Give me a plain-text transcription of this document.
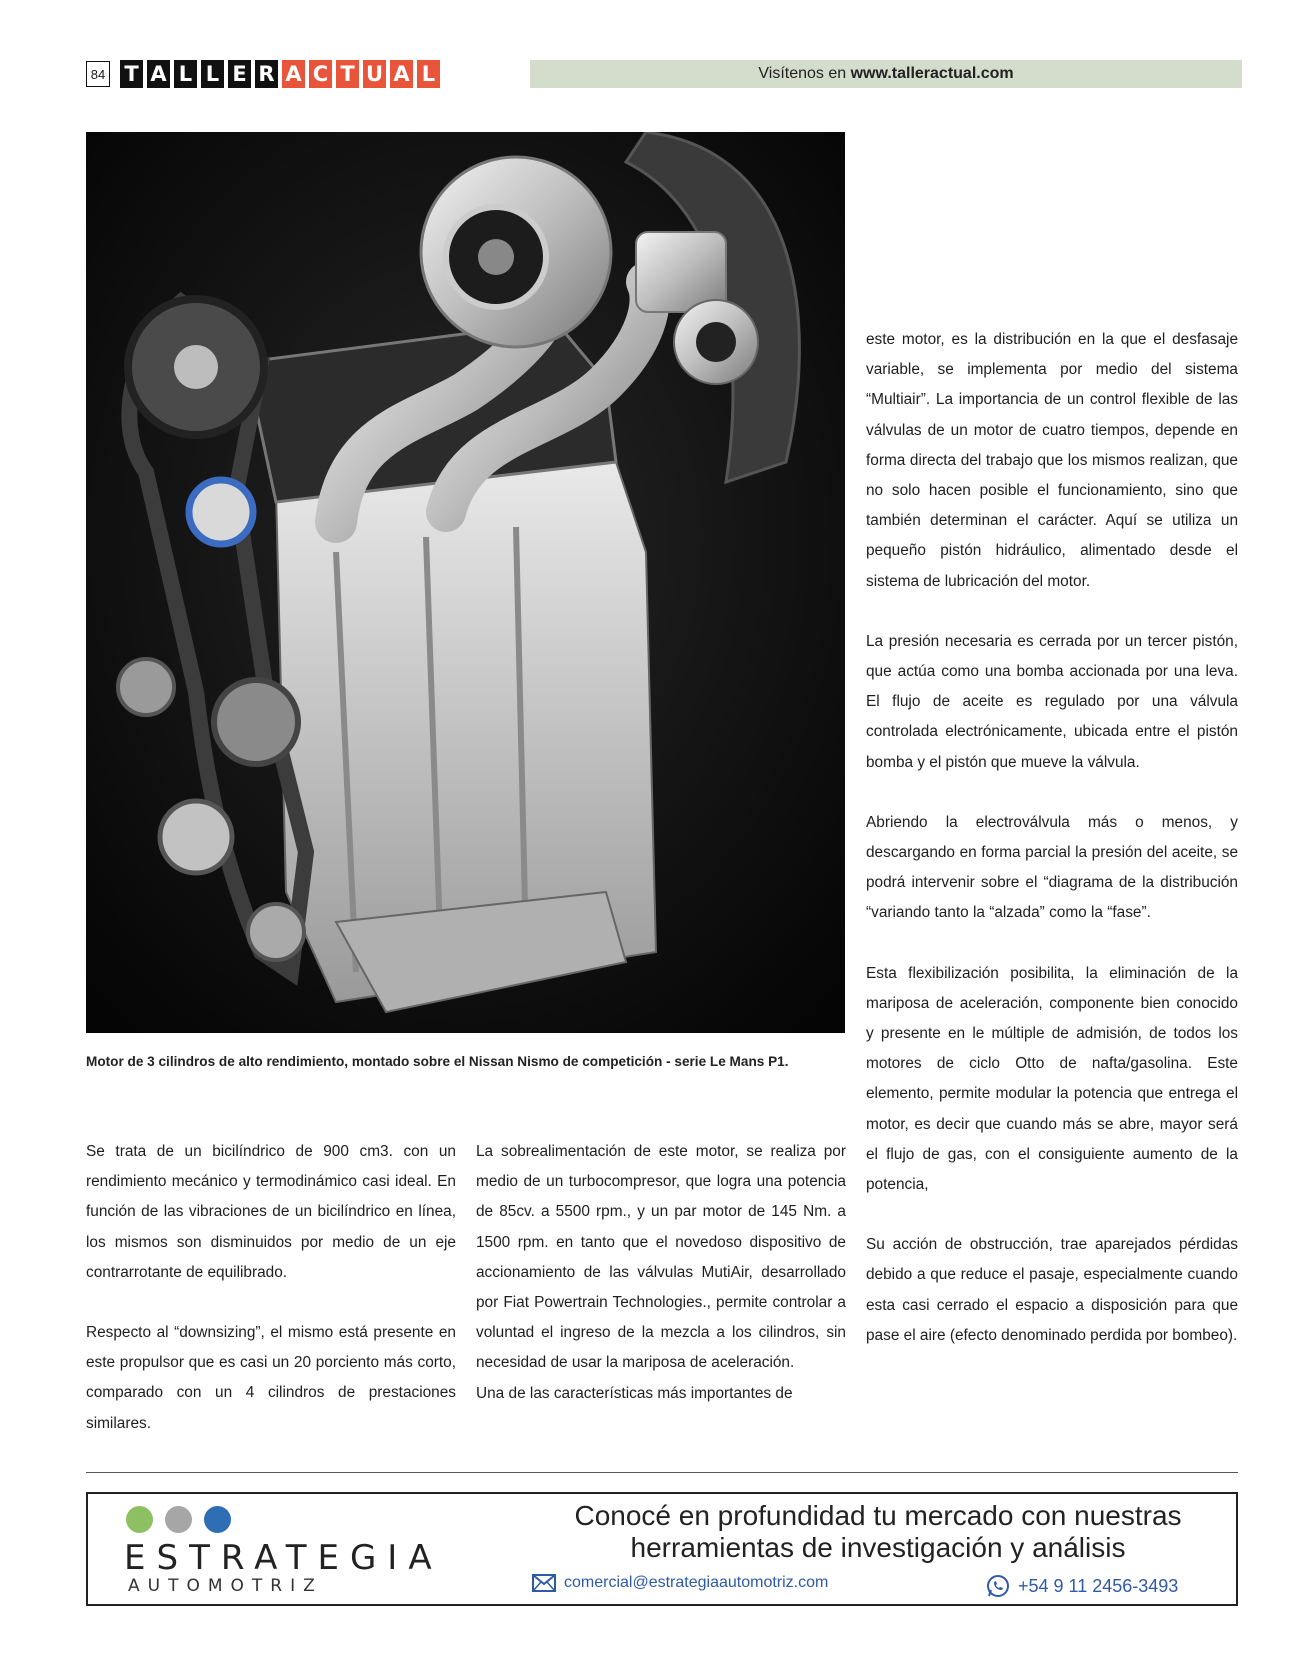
84 T A L L E R A C T U A L	Visítenos en www.talleractual.com
Motor de 3 cilindros de alto rendimiento, montado sobre el Nissan Nismo de competición - serie Le Mans P1.

Se trata de un bicilíndrico de 900 cm3. con un rendimiento mecánico y termodinámico casi ideal. En función de las vibraciones de un bicilíndrico en línea, los mismos son disminuidos por medio de un eje contrarrotante de equilibrado.

Respecto al “downsizing”, el mismo está presente en este propulsor que es casi un 20 porciento más corto, comparado con un 4 cilindros de prestaciones similares.

La sobrealimentación de este motor, se realiza por medio de un turbocompresor, que logra una potencia de 85cv. a 5500 rpm., y un par motor de 145 Nm. a 1500 rpm. en tanto que el novedoso dispositivo de accionamiento de las válvulas MutiAir, desarrollado por Fiat Powertrain Technologies., permite controlar a voluntad el ingreso de la mezcla a los cilindros, sin necesidad de usar la mariposa de aceleración.

Una de las características más importantes de

este motor, es la distribución en la que el desfasaje variable, se implementa por medio del sistema “Multiair”. La importancia de un control flexible de las válvulas de un motor de cuatro tiempos, depende en forma directa del trabajo que los mismos realizan, que no solo hacen posible el funcionamiento, sino que también determinan el carácter. Aquí se utiliza un pequeño pistón hidráulico, alimentado desde el sistema de lubricación del motor.

La presión necesaria es cerrada por un tercer pistón, que actúa como una bomba accionada por una leva. El flujo de aceite es regulado por una válvula controlada electrónicamente, ubicada entre el pistón bomba y el pistón que mueve la válvula.

Abriendo la electroválvula más o menos, y descargando en forma parcial la presión del aceite, se podrá intervenir sobre el “diagrama de la distribución “variando tanto la “alzada” como la “fase”.

Esta flexibilización posibilita, la eliminación de la mariposa de aceleración, componente bien conocido y presente en le múltiple de admisión, de todos los motores de ciclo Otto de nafta/gasolina. Este elemento, permite modular la potencia que entrega el motor, es decir que cuando más se abre, mayor será el flujo de gas, con el consiguiente aumento de la potencia,

Su acción de obstrucción, trae aparejados pérdidas debido a que reduce el pasaje, especialmente cuando esta casi cerrado el espacio a disposición para que pase el aire (efecto denominado perdida por bombeo).

ESTRATEGIA
AUTOMOTRIZ
Conocé en profundidad tu mercado con nuestras
herramientas de investigación y análisis
comercial@estrategiaautomotriz.com	+54 9 11 2456-3493
